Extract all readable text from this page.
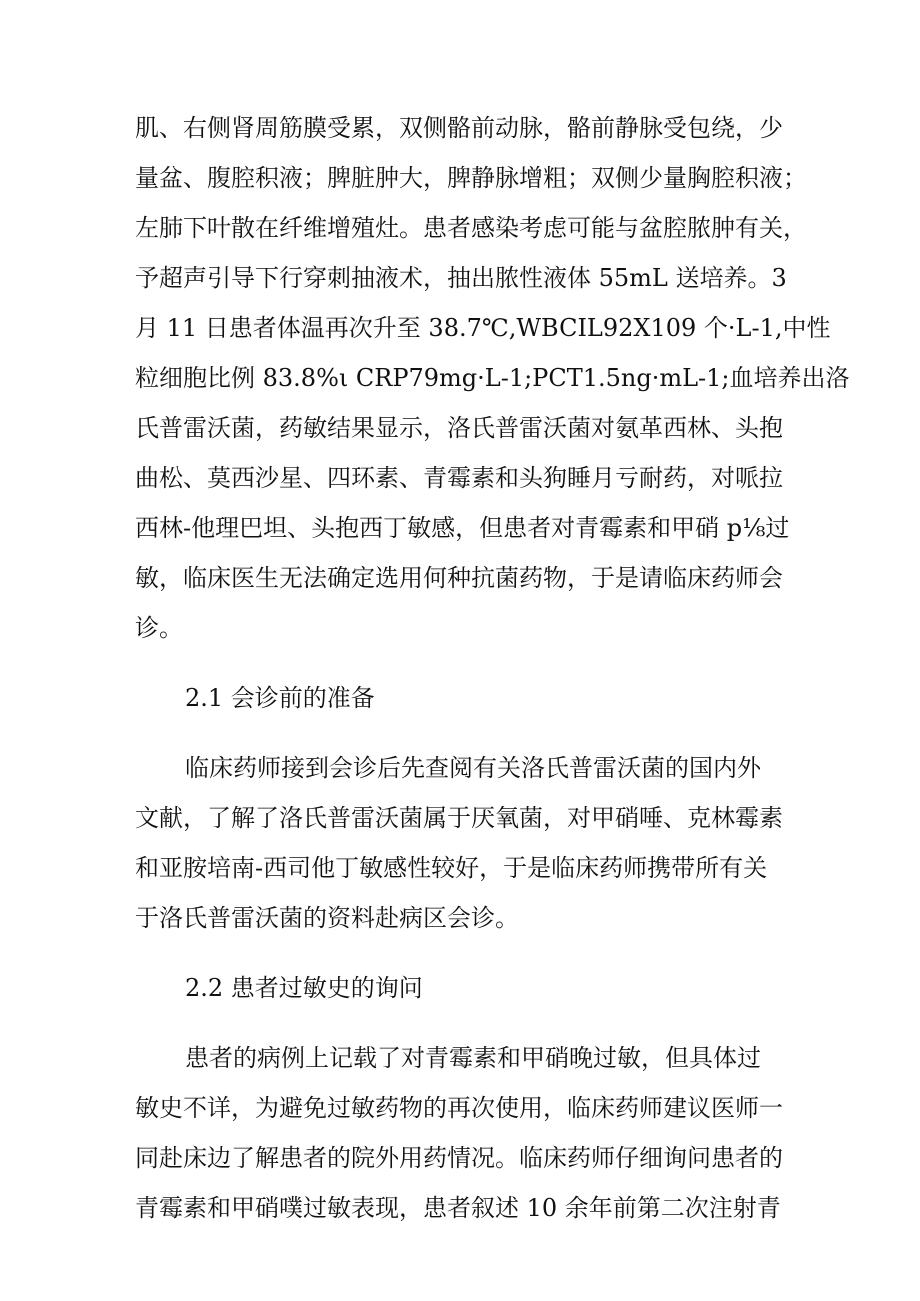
肌、右侧肾周筋膜受累，双侧骼前动脉，骼前静脉受包绕，少
量盆、腹腔积液；脾脏肿大，脾静脉增粗；双侧少量胸腔积液；
左肺下叶散在纤维增殖灶。患者感染考虑可能与盆腔脓肿有关，
予超声引导下行穿刺抽液术，抽出脓性液体 55mL 送培养。3
月 11 日患者体温再次升至 38.7℃,WBCIL92X109 个·L-1,中性
粒细胞比例 83.8%ι CRP79mg·L-1;PCT1.5ng·mL-1;血培养出洛
氏普雷沃菌，药敏结果显示，洛氏普雷沃菌对氨革西林、头抱
曲松、莫西沙星、四环素、青霉素和头狗睡月亏耐药，对哌拉
西林-他理巴坦、头抱西丁敏感，但患者对青霉素和甲硝 p⅛过
敏，临床医生无法确定选用何种抗菌药物，于是请临床药师会
诊。
2.1 会诊前的准备
临床药师接到会诊后先查阅有关洛氏普雷沃菌的国内外
文献，了解了洛氏普雷沃菌属于厌氧菌，对甲硝唾、克林霉素
和亚胺培南-西司他丁敏感性较好，于是临床药师携带所有关
于洛氏普雷沃菌的资料赴病区会诊。
2.2 患者过敏史的询问
患者的病例上记载了对青霉素和甲硝晚过敏，但具体过
敏史不详，为避免过敏药物的再次使用，临床药师建议医师一
同赴床边了解患者的院外用药情况。临床药师仔细询问患者的
青霉素和甲硝噗过敏表现，患者叙述 10 余年前第二次注射青
